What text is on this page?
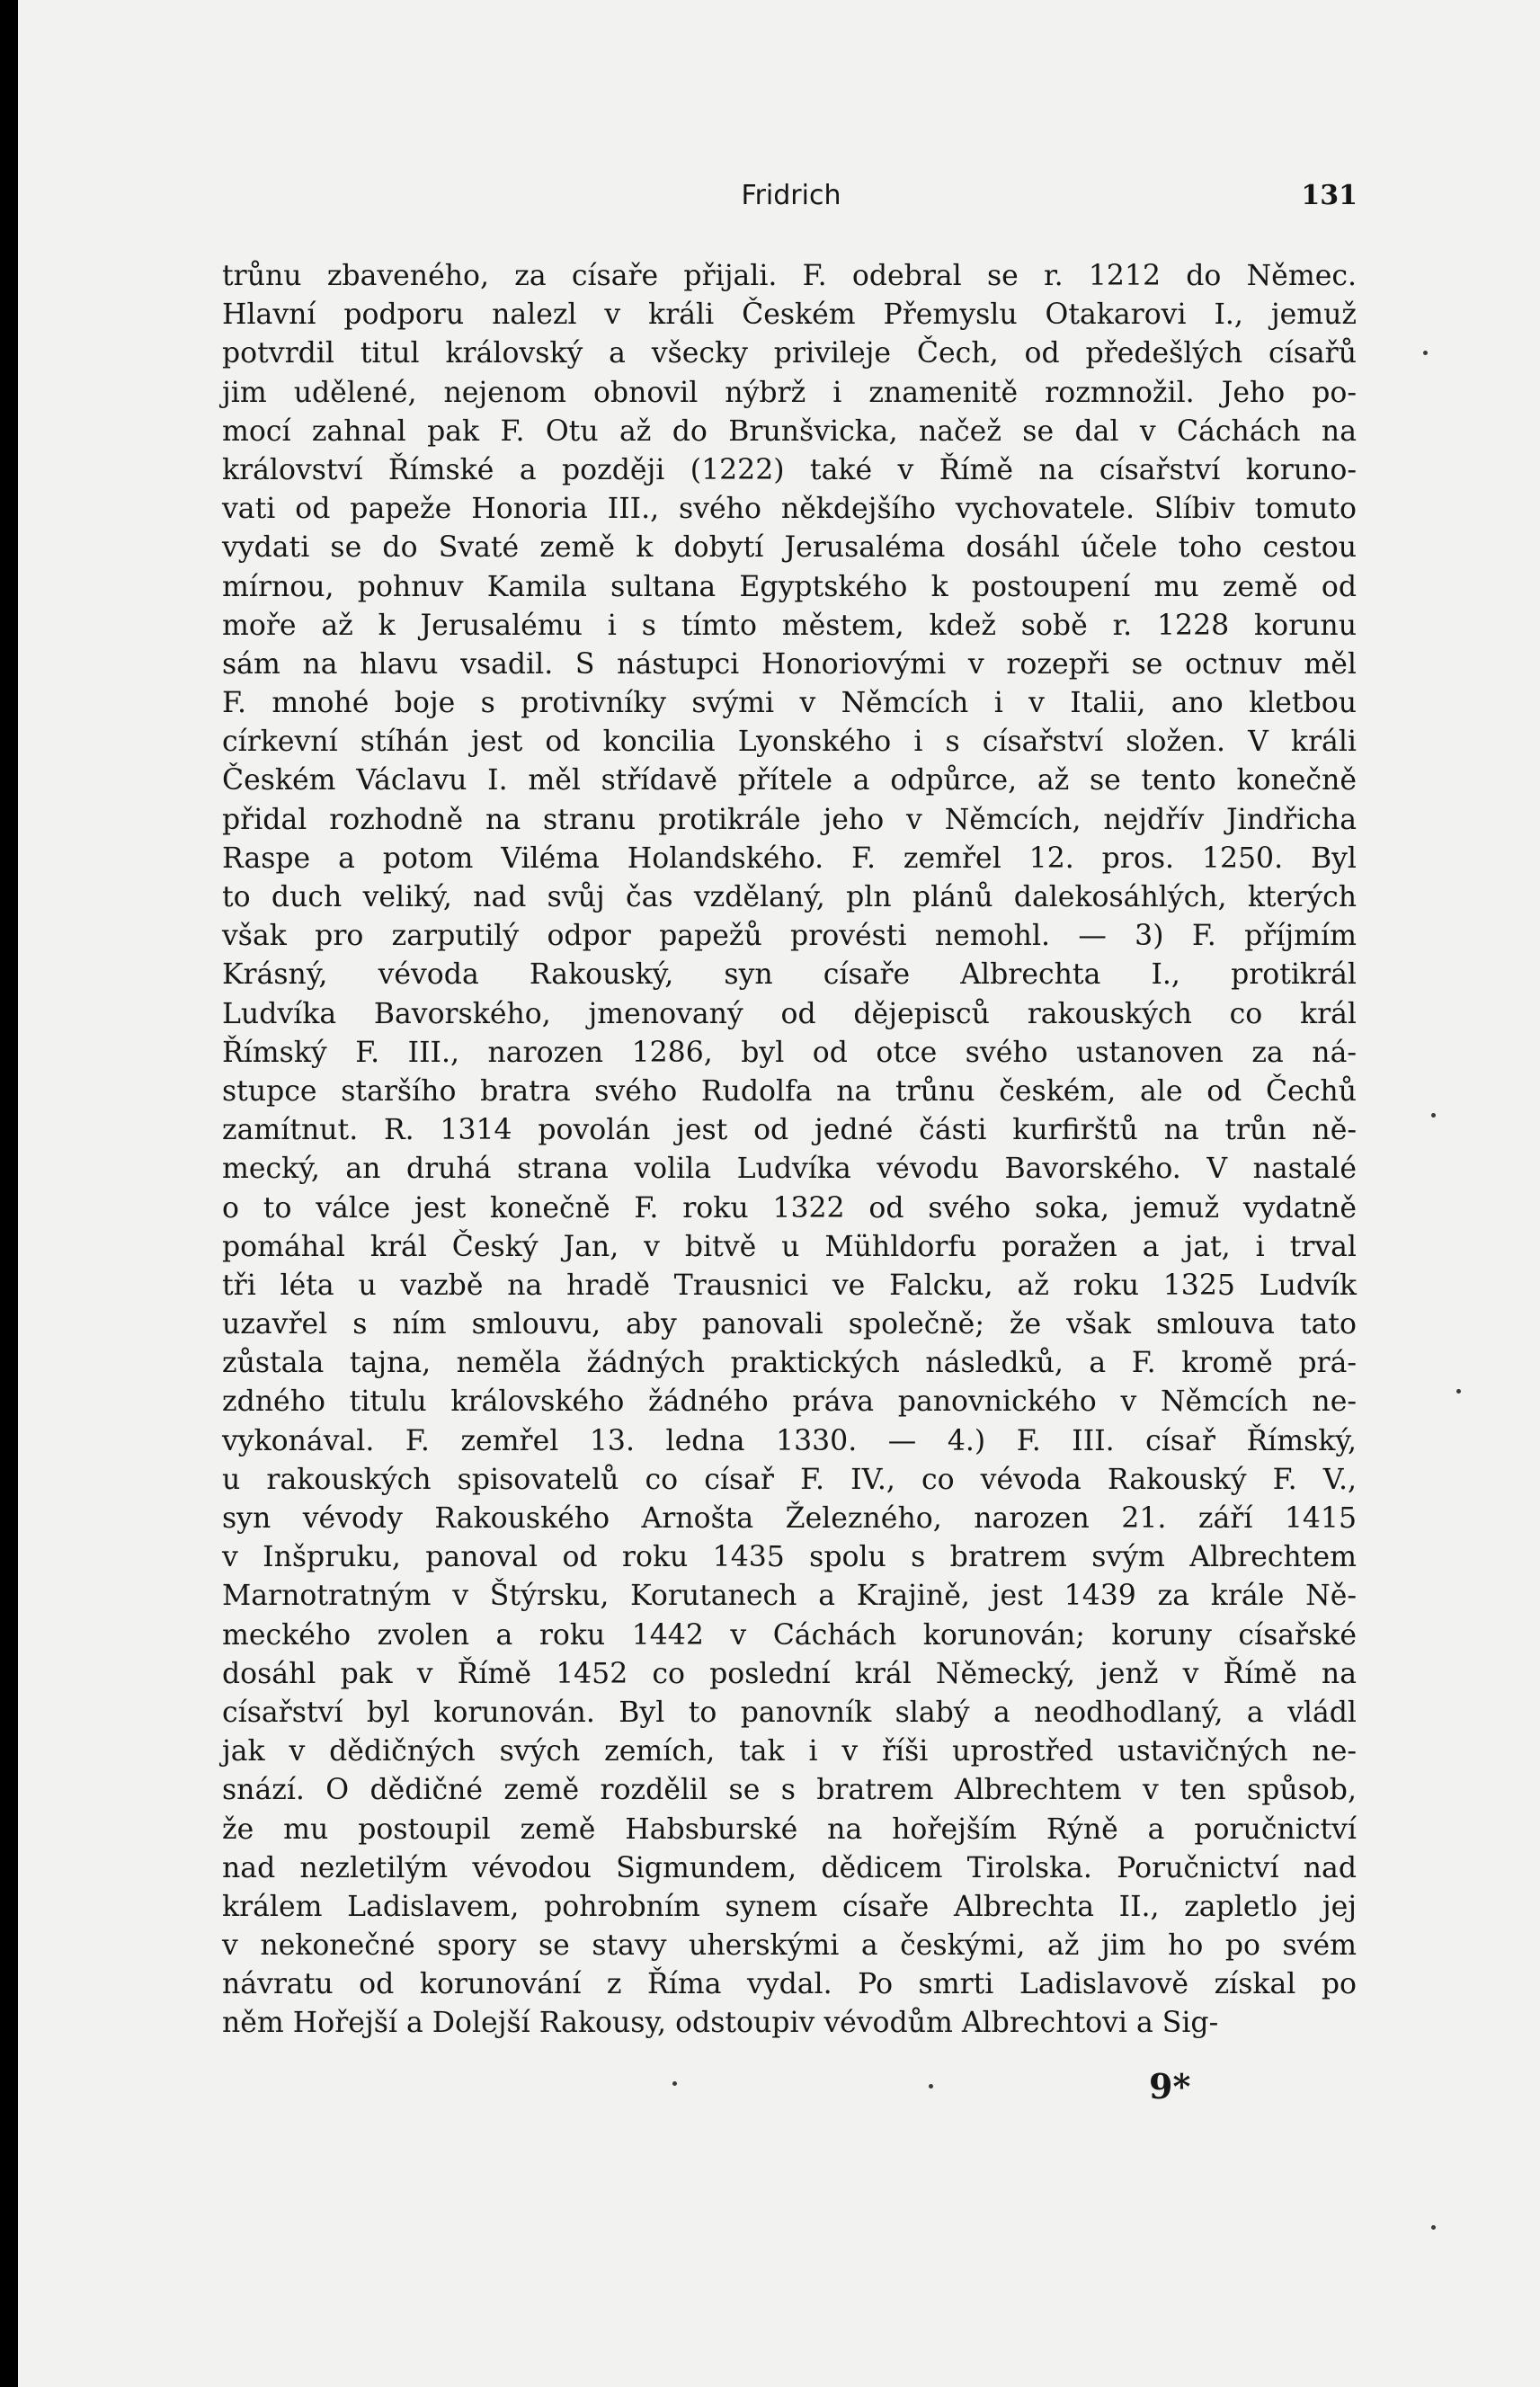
Fridrich	131
trůnu zbaveného, za císaře přijali. F. odebral se r. 1212 do Němec.
Hlavní podporu nalezl v králi Českém Přemyslu Otakarovi I., jemuž
potvrdil titul královský a všecky privileje Čech, od předešlých císařů
jim udělené, nejenom obnovil nýbrž i znamenitě rozmnožil. Jeho po-
mocí zahnal pak F. Otu až do Brunšvicka, načež se dal v Cáchách na
království Římské a později (1222) také v Římě na císařství koruno-
vati od papeže Honoria III., svého někdejšího vychovatele. Slíbiv tomuto
vydati se do Svaté země k dobytí Jerusaléma dosáhl účele toho cestou
mírnou, pohnuv Kamila sultana Egyptského k postoupení mu země od
moře až k Jerusalému i s tímto městem, kdež sobě r. 1228 korunu
sám na hlavu vsadil. S nástupci Honoriovými v rozepři se octnuv měl
F. mnohé boje s protivníky svými v Němcích i v Italii, ano kletbou
církevní stíhán jest od koncilia Lyonského i s císařství složen. V králi
Českém Václavu I. měl střídavě přítele a odpůrce, až se tento konečně
přidal rozhodně na stranu protikrále jeho v Němcích, nejdřív Jindřicha
Raspe a potom Viléma Holandského. F. zemřel 12. pros. 1250. Byl
to duch veliký, nad svůj čas vzdělaný, pln plánů dalekosáhlých, kterých
však pro zarputilý odpor papežů provésti nemohl. — 3) F. příjmím
Krásný, vévoda Rakouský, syn císaře Albrechta I., protikrál
Ludvíka Bavorského, jmenovaný od dějepisců rakouských co král
Římský F. III., narozen 1286, byl od otce svého ustanoven za ná-
stupce staršího bratra svého Rudolfa na trůnu českém, ale od Čechů
zamítnut. R. 1314 povolán jest od jedné části kurfirštů na trůn ně-
mecký, an druhá strana volila Ludvíka vévodu Bavorského. V nastalé
o to válce jest konečně F. roku 1322 od svého soka, jemuž vydatně
pomáhal král Český Jan, v bitvě u Mühldorfu poražen a jat, i trval
tři léta u vazbě na hradě Trausnici ve Falcku, až roku 1325 Ludvík
uzavřel s ním smlouvu, aby panovali společně; že však smlouva tato
zůstala tajna, neměla žádných praktických následků, a F. kromě prá-
zdného titulu královského žádného práva panovnického v Němcích ne-
vykonával. F. zemřel 13. ledna 1330. — 4.) F. III. císař Římský,
u rakouských spisovatelů co císař F. IV., co vévoda Rakouský F. V.,
syn vévody Rakouského Arnošta Železného, narozen 21. září 1415
v Inšpruku, panoval od roku 1435 spolu s bratrem svým Albrechtem
Marnotratným v Štýrsku, Korutanech a Krajině, jest 1439 za krále Ně-
meckého zvolen a roku 1442 v Cáchách korunován; koruny císařské
dosáhl pak v Římě 1452 co poslední král Německý, jenž v Římě na
císařství byl korunován. Byl to panovník slabý a neodhodlaný, a vládl
jak v dědičných svých zemích, tak i v říši uprostřed ustavičných ne-
snází. O dědičné země rozdělil se s bratrem Albrechtem v ten spůsob,
že mu postoupil země Habsburské na hořejším Rýně a poručnictví
nad nezletilým vévodou Sigmundem, dědicem Tirolska. Poručnictví nad
králem Ladislavem, pohrobním synem císaře Albrechta II., zapletlo jej
v nekonečné spory se stavy uherskými a českými, až jim ho po svém
návratu od korunování z Říma vydal. Po smrti Ladislavově získal po
něm Hořejší a Dolejší Rakousy, odstoupiv vévodům Albrechtovi a Sig-
9*
